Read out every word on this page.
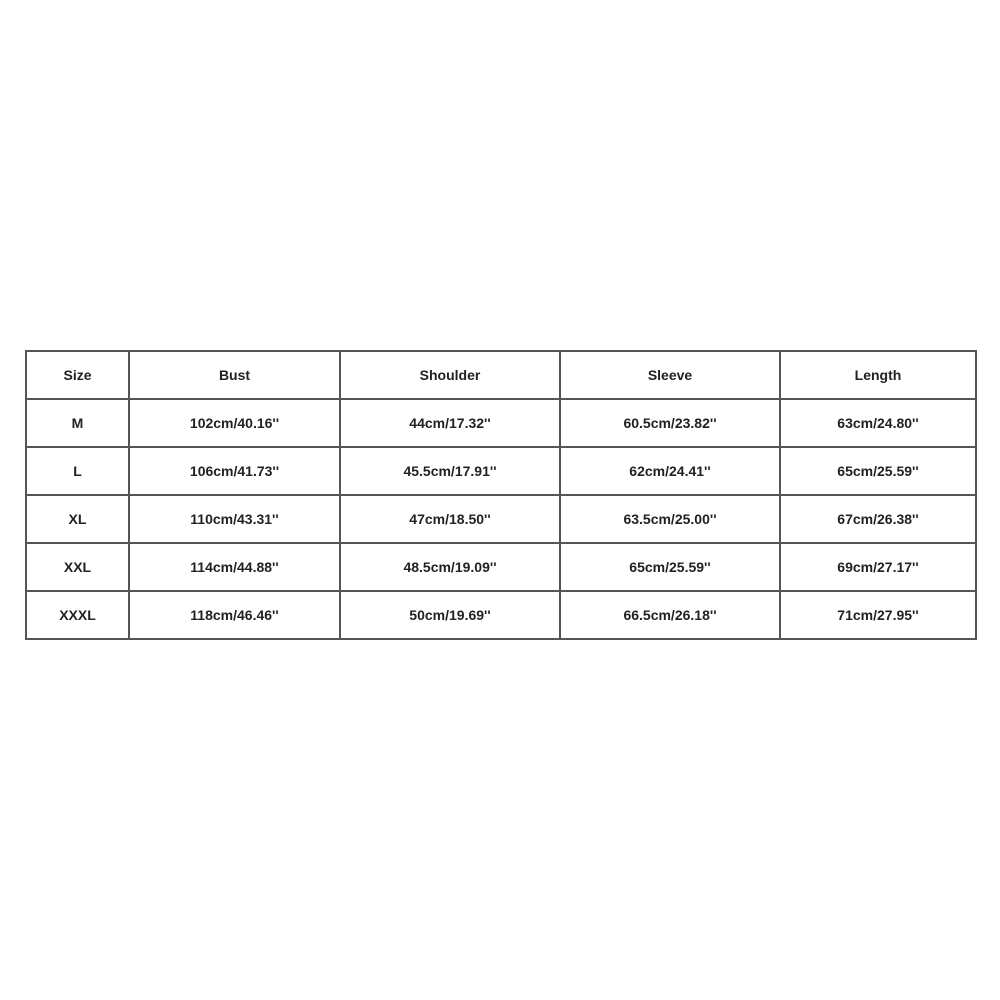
Size	Bust	Shoulder	Sleeve	Length
M	102cm/40.16''	44cm/17.32''	60.5cm/23.82''	63cm/24.80''
L	106cm/41.73''	45.5cm/17.91''	62cm/24.41''	65cm/25.59''
XL	110cm/43.31''	47cm/18.50''	63.5cm/25.00''	67cm/26.38''
XXL	114cm/44.88''	48.5cm/19.09''	65cm/25.59''	69cm/27.17''
XXXL	118cm/46.46''	50cm/19.69''	66.5cm/26.18''	71cm/27.95''
